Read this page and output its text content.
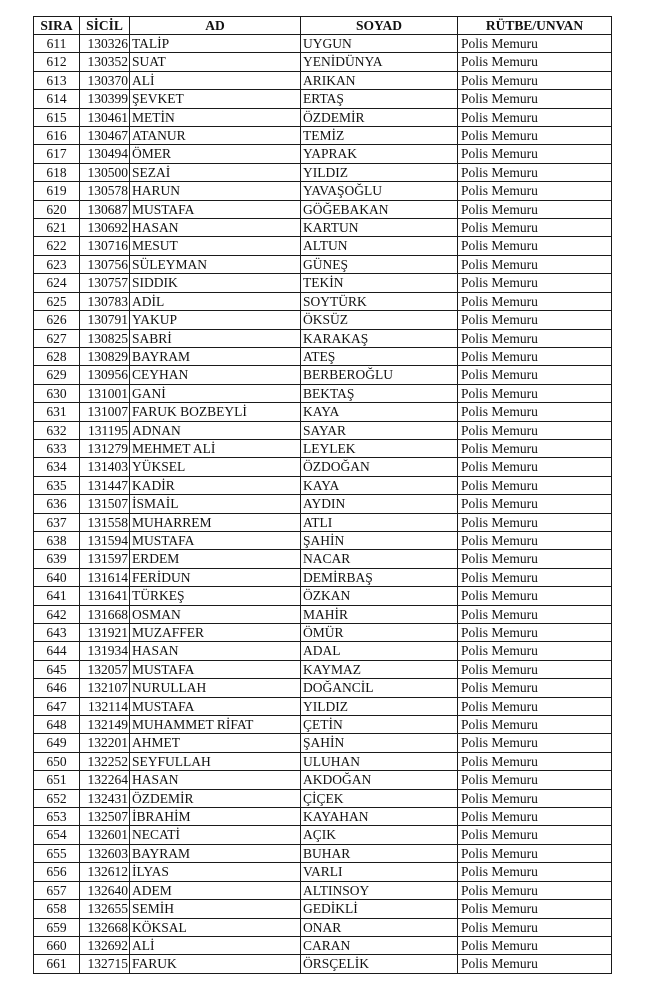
SIRA	SİCİL	AD	SOYAD	RÜTBE/UNVAN
611	130326	TALİP	UYGUN	Polis Memuru
612	130352	SUAT	YENİDÜNYA	Polis Memuru
613	130370	ALİ	ARIKAN	Polis Memuru
614	130399	ŞEVKET	ERTAŞ	Polis Memuru
615	130461	METİN	ÖZDEMİR	Polis Memuru
616	130467	ATANUR	TEMİZ	Polis Memuru
617	130494	ÖMER	YAPRAK	Polis Memuru
618	130500	SEZAİ	YILDIZ	Polis Memuru
619	130578	HARUN	YAVAŞOĞLU	Polis Memuru
620	130687	MUSTAFA	GÖĞEBAKAN	Polis Memuru
621	130692	HASAN	KARTUN	Polis Memuru
622	130716	MESUT	ALTUN	Polis Memuru
623	130756	SÜLEYMAN	GÜNEŞ	Polis Memuru
624	130757	SIDDIK	TEKİN	Polis Memuru
625	130783	ADİL	SOYTÜRK	Polis Memuru
626	130791	YAKUP	ÖKSÜZ	Polis Memuru
627	130825	SABRİ	KARAKAŞ	Polis Memuru
628	130829	BAYRAM	ATEŞ	Polis Memuru
629	130956	CEYHAN	BERBEROĞLU	Polis Memuru
630	131001	GANİ	BEKTAŞ	Polis Memuru
631	131007	FARUK BOZBEYLİ	KAYA	Polis Memuru
632	131195	ADNAN	SAYAR	Polis Memuru
633	131279	MEHMET ALİ	LEYLEK	Polis Memuru
634	131403	YÜKSEL	ÖZDOĞAN	Polis Memuru
635	131447	KADİR	KAYA	Polis Memuru
636	131507	İSMAİL	AYDIN	Polis Memuru
637	131558	MUHARREM	ATLI	Polis Memuru
638	131594	MUSTAFA	ŞAHİN	Polis Memuru
639	131597	ERDEM	NACAR	Polis Memuru
640	131614	FERİDUN	DEMİRBAŞ	Polis Memuru
641	131641	TÜRKEŞ	ÖZKAN	Polis Memuru
642	131668	OSMAN	MAHİR	Polis Memuru
643	131921	MUZAFFER	ÖMÜR	Polis Memuru
644	131934	HASAN	ADAL	Polis Memuru
645	132057	MUSTAFA	KAYMAZ	Polis Memuru
646	132107	NURULLAH	DOĞANCİL	Polis Memuru
647	132114	MUSTAFA	YILDIZ	Polis Memuru
648	132149	MUHAMMET RİFAT	ÇETİN	Polis Memuru
649	132201	AHMET	ŞAHİN	Polis Memuru
650	132252	SEYFULLAH	ULUHAN	Polis Memuru
651	132264	HASAN	AKDOĞAN	Polis Memuru
652	132431	ÖZDEMİR	ÇİÇEK	Polis Memuru
653	132507	İBRAHİM	KAYAHAN	Polis Memuru
654	132601	NECATİ	AÇIK	Polis Memuru
655	132603	BAYRAM	BUHAR	Polis Memuru
656	132612	İLYAS	VARLI	Polis Memuru
657	132640	ADEM	ALTINSOY	Polis Memuru
658	132655	SEMİH	GEDİKLİ	Polis Memuru
659	132668	KÖKSAL	ONAR	Polis Memuru
660	132692	ALİ	CARAN	Polis Memuru
661	132715	FARUK	ÖRSÇELİK	Polis Memuru
